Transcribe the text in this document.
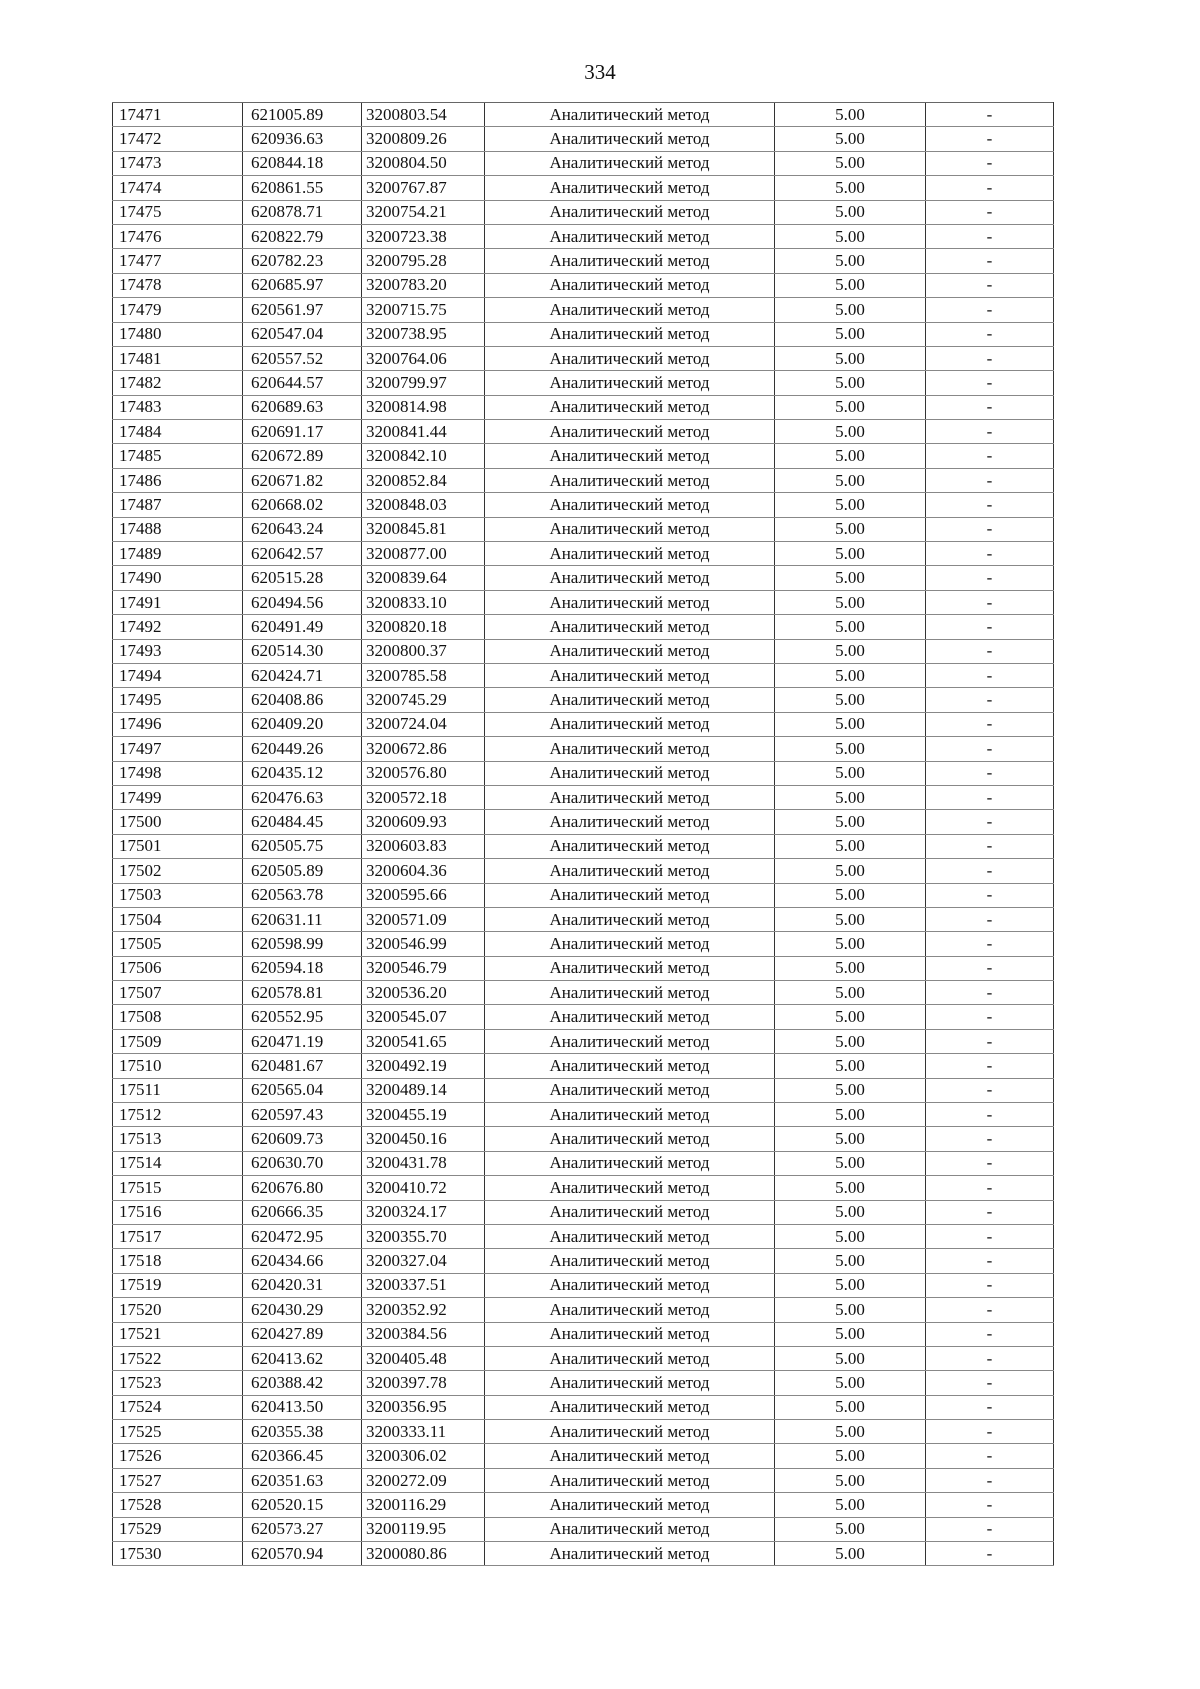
334
17471	621005.89	3200803.54	Аналитический метод	5.00	-
17472	620936.63	3200809.26	Аналитический метод	5.00	-
17473	620844.18	3200804.50	Аналитический метод	5.00	-
17474	620861.55	3200767.87	Аналитический метод	5.00	-
17475	620878.71	3200754.21	Аналитический метод	5.00	-
17476	620822.79	3200723.38	Аналитический метод	5.00	-
17477	620782.23	3200795.28	Аналитический метод	5.00	-
17478	620685.97	3200783.20	Аналитический метод	5.00	-
17479	620561.97	3200715.75	Аналитический метод	5.00	-
17480	620547.04	3200738.95	Аналитический метод	5.00	-
17481	620557.52	3200764.06	Аналитический метод	5.00	-
17482	620644.57	3200799.97	Аналитический метод	5.00	-
17483	620689.63	3200814.98	Аналитический метод	5.00	-
17484	620691.17	3200841.44	Аналитический метод	5.00	-
17485	620672.89	3200842.10	Аналитический метод	5.00	-
17486	620671.82	3200852.84	Аналитический метод	5.00	-
17487	620668.02	3200848.03	Аналитический метод	5.00	-
17488	620643.24	3200845.81	Аналитический метод	5.00	-
17489	620642.57	3200877.00	Аналитический метод	5.00	-
17490	620515.28	3200839.64	Аналитический метод	5.00	-
17491	620494.56	3200833.10	Аналитический метод	5.00	-
17492	620491.49	3200820.18	Аналитический метод	5.00	-
17493	620514.30	3200800.37	Аналитический метод	5.00	-
17494	620424.71	3200785.58	Аналитический метод	5.00	-
17495	620408.86	3200745.29	Аналитический метод	5.00	-
17496	620409.20	3200724.04	Аналитический метод	5.00	-
17497	620449.26	3200672.86	Аналитический метод	5.00	-
17498	620435.12	3200576.80	Аналитический метод	5.00	-
17499	620476.63	3200572.18	Аналитический метод	5.00	-
17500	620484.45	3200609.93	Аналитический метод	5.00	-
17501	620505.75	3200603.83	Аналитический метод	5.00	-
17502	620505.89	3200604.36	Аналитический метод	5.00	-
17503	620563.78	3200595.66	Аналитический метод	5.00	-
17504	620631.11	3200571.09	Аналитический метод	5.00	-
17505	620598.99	3200546.99	Аналитический метод	5.00	-
17506	620594.18	3200546.79	Аналитический метод	5.00	-
17507	620578.81	3200536.20	Аналитический метод	5.00	-
17508	620552.95	3200545.07	Аналитический метод	5.00	-
17509	620471.19	3200541.65	Аналитический метод	5.00	-
17510	620481.67	3200492.19	Аналитический метод	5.00	-
17511	620565.04	3200489.14	Аналитический метод	5.00	-
17512	620597.43	3200455.19	Аналитический метод	5.00	-
17513	620609.73	3200450.16	Аналитический метод	5.00	-
17514	620630.70	3200431.78	Аналитический метод	5.00	-
17515	620676.80	3200410.72	Аналитический метод	5.00	-
17516	620666.35	3200324.17	Аналитический метод	5.00	-
17517	620472.95	3200355.70	Аналитический метод	5.00	-
17518	620434.66	3200327.04	Аналитический метод	5.00	-
17519	620420.31	3200337.51	Аналитический метод	5.00	-
17520	620430.29	3200352.92	Аналитический метод	5.00	-
17521	620427.89	3200384.56	Аналитический метод	5.00	-
17522	620413.62	3200405.48	Аналитический метод	5.00	-
17523	620388.42	3200397.78	Аналитический метод	5.00	-
17524	620413.50	3200356.95	Аналитический метод	5.00	-
17525	620355.38	3200333.11	Аналитический метод	5.00	-
17526	620366.45	3200306.02	Аналитический метод	5.00	-
17527	620351.63	3200272.09	Аналитический метод	5.00	-
17528	620520.15	3200116.29	Аналитический метод	5.00	-
17529	620573.27	3200119.95	Аналитический метод	5.00	-
17530	620570.94	3200080.86	Аналитический метод	5.00	-
